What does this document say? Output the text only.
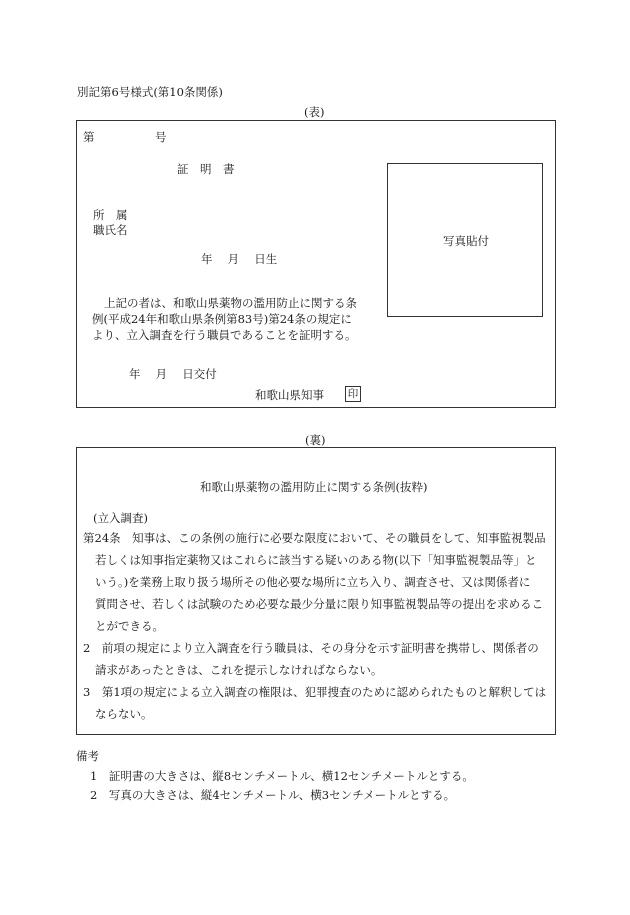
別記第6号様式(第10条関係)
(表)
第	号
証　明　書
所　属
職氏名
年　 月　 日生
写真貼付
上記の者は、和歌山県薬物の濫用防止に関する条例(平成24年和歌山県条例第83号)第24条の規定により、立入調査を行う職員であることを証明する。
年　 月　 日交付
和歌山県知事 印
(裏)
和歌山県薬物の濫用防止に関する条例(抜粋)
(立入調査)
第24条　知事は、この条例の施行に必要な限度において、その職員をして、知事監視製品
若しくは知事指定薬物又はこれらに該当する疑いのある物(以下「知事監視製品等」と
いう。)を業務上取り扱う場所その他必要な場所に立ち入り、調査させ、又は関係者に
質問させ、若しくは試験のため必要な最少分量に限り知事監視製品等の提出を求めるこ
とができる。
2　前項の規定により立入調査を行う職員は、その身分を示す証明書を携帯し、関係者の
請求があったときは、これを提示しなければならない。
3　第1項の規定による立入調査の権限は、犯罪捜査のために認められたものと解釈しては
ならない。
備考
1　証明書の大きさは、縦8センチメートル、横12センチメートルとする。
2　写真の大きさは、縦4センチメートル、横3センチメートルとする。
